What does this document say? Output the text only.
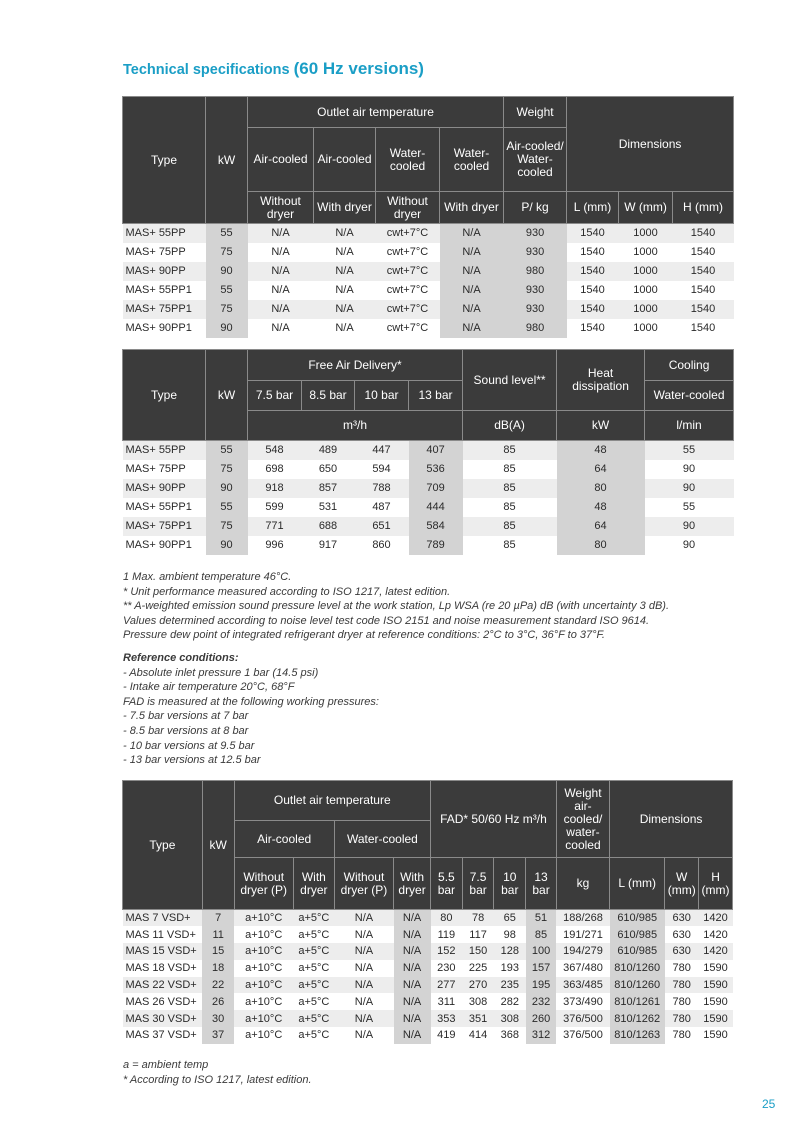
Technical specifications (60 Hz versions)
Type	kW	Outlet air temperature				Weight	Dimensions		
		Air-cooled	Air-cooled	Water-cooled	Water-cooled	Air-cooled/ Water-cooled			
		Without dryer	With dryer	Without dryer	With dryer	P/ kg	L (mm)	W (mm)	H (mm)
MAS+ 55PP	55	N/A	N/A	cwt+7°C	N/A	930	1540	1000	1540
MAS+ 75PP	75	N/A	N/A	cwt+7°C	N/A	930	1540	1000	1540
MAS+ 90PP	90	N/A	N/A	cwt+7°C	N/A	980	1540	1000	1540
MAS+ 55PP1	55	N/A	N/A	cwt+7°C	N/A	930	1540	1000	1540
MAS+ 75PP1	75	N/A	N/A	cwt+7°C	N/A	930	1540	1000	1540
MAS+ 90PP1	90	N/A	N/A	cwt+7°C	N/A	980	1540	1000	1540
Type	kW	Free Air Delivery*				Sound level**	Heat dissipation	Cooling
		7.5 bar	8.5 bar	10 bar	13 bar			Water-cooled
		m³/h				dB(A)	kW	l/min
MAS+ 55PP	55	548	489	447	407	85	48	55
MAS+ 75PP	75	698	650	594	536	85	64	90
MAS+ 90PP	90	918	857	788	709	85	80	90
MAS+ 55PP1	55	599	531	487	444	85	48	55
MAS+ 75PP1	75	771	688	651	584	85	64	90
MAS+ 90PP1	90	996	917	860	789	85	80	90
1 Max. ambient temperature 46°C.
* Unit performance measured according to ISO 1217, latest edition.
** A-weighted emission sound pressure level at the work station, Lp WSA (re 20 µPa) dB (with uncertainty 3 dB).
Values determined according to noise level test code ISO 2151 and noise measurement standard ISO 9614.
Pressure dew point of integrated refrigerant dryer at reference conditions: 2°C to 3°C, 36°F to 37°F.
Reference conditions:
- Absolute inlet pressure 1 bar (14.5 psi)
- Intake air temperature 20°C, 68°F
FAD is measured at the following working pressures:
- 7.5 bar versions at 7 bar
- 8.5 bar versions at 8 bar
- 10 bar versions at 9.5 bar
- 13 bar versions at 12.5 bar
Type	kW	Outlet air temperature				FAD* 50/60 Hz m³/h				Weight air-cooled/ water-cooled	Dimensions		
		Air-cooled		Water-cooled									
		Without dryer (P)	With dryer	Without dryer (P)	With dryer	5.5 bar	7.5 bar	10 bar	13 bar	kg	L (mm)	W (mm)	H (mm)
MAS 7 VSD+	7	a+10°C	a+5°C	N/A	N/A	80	78	65	51	188/268	610/985	630	1420
MAS 11 VSD+	11	a+10°C	a+5°C	N/A	N/A	119	117	98	85	191/271	610/985	630	1420
MAS 15 VSD+	15	a+10°C	a+5°C	N/A	N/A	152	150	128	100	194/279	610/985	630	1420
MAS 18 VSD+	18	a+10°C	a+5°C	N/A	N/A	230	225	193	157	367/480	810/1260	780	1590
MAS 22 VSD+	22	a+10°C	a+5°C	N/A	N/A	277	270	235	195	363/485	810/1260	780	1590
MAS 26 VSD+	26	a+10°C	a+5°C	N/A	N/A	311	308	282	232	373/490	810/1261	780	1590
MAS 30 VSD+	30	a+10°C	a+5°C	N/A	N/A	353	351	308	260	376/500	810/1262	780	1590
MAS 37 VSD+	37	a+10°C	a+5°C	N/A	N/A	419	414	368	312	376/500	810/1263	780	1590
a = ambient temp
* According to ISO 1217, latest edition.
25
